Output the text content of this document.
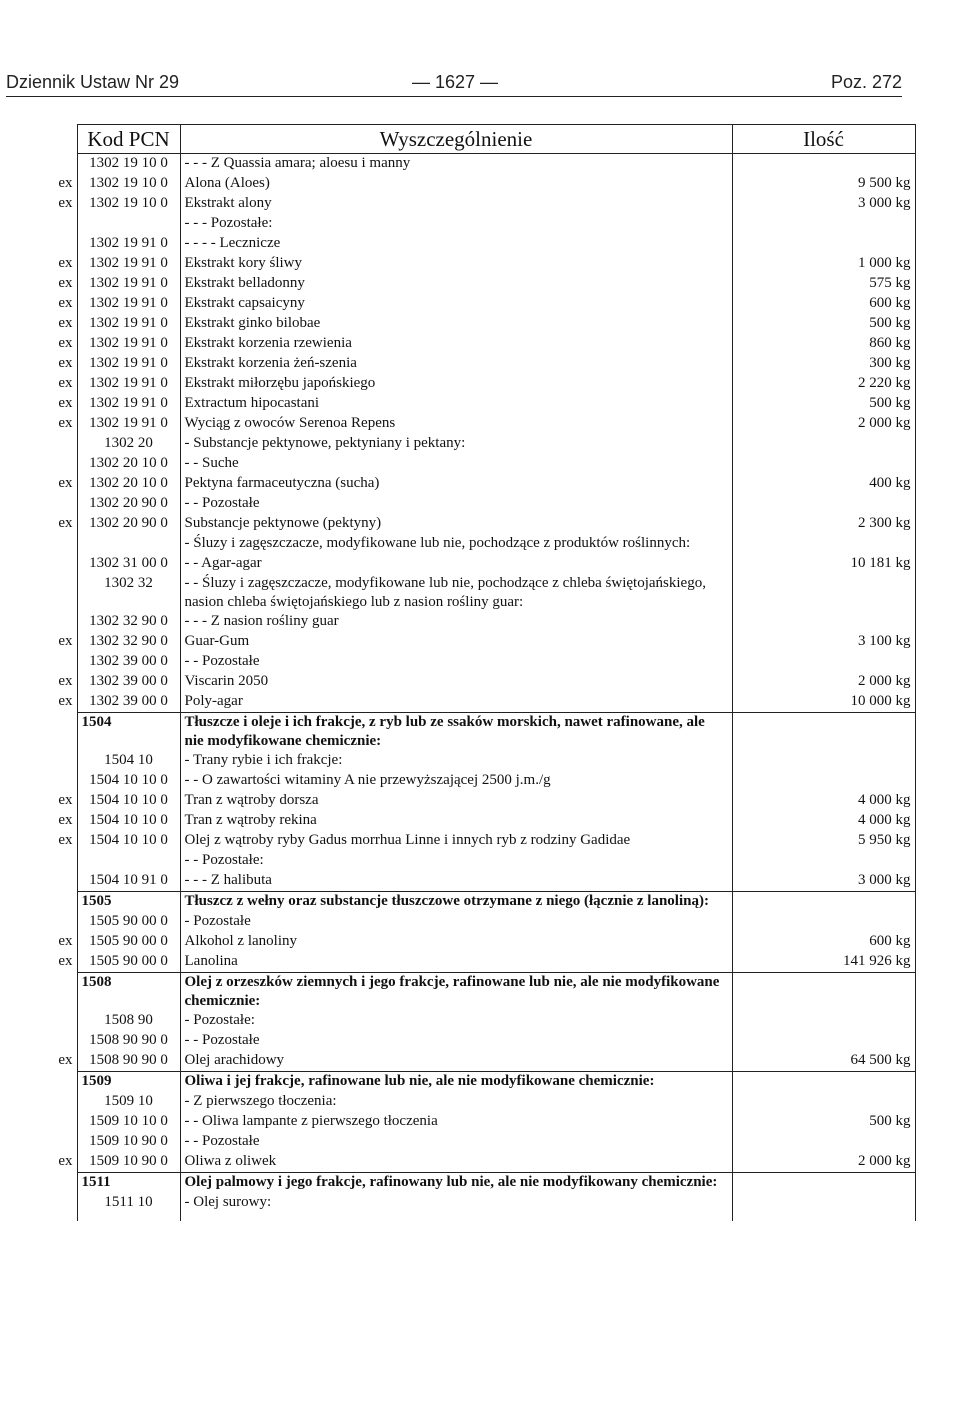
Dziennik Ustaw Nr 29	— 1627 —	Poz. 272
	Kod PCN	Wyszczególnienie	Ilość
	1302 19 10 0	- - - Z Quassia amara; aloesu i manny	
ex	1302 19 10 0	Alona (Aloes)	9 500 kg
ex	1302 19 10 0	Ekstrakt alony	3 000 kg
		- - - Pozostałe:	
	1302 19 91 0	- - - - Lecznicze	
ex	1302 19 91 0	Ekstrakt kory śliwy	1 000 kg
ex	1302 19 91 0	Ekstrakt belladonny	575 kg
ex	1302 19 91 0	Ekstrakt capsaicyny	600 kg
ex	1302 19 91 0	Ekstrakt ginko bilobae	500 kg
ex	1302 19 91 0	Ekstrakt korzenia rzewienia	860 kg
ex	1302 19 91 0	Ekstrakt korzenia żeń-szenia	300 kg
ex	1302 19 91 0	Ekstrakt miłorzębu japońskiego	2 220 kg
ex	1302 19 91 0	Extractum hipocastani	500 kg
ex	1302 19 91 0	Wyciąg z owoców Serenoa Repens	2 000 kg
	1302 20	- Substancje pektynowe, pektyniany i pektany:	
	1302 20 10 0	- - Suche	
ex	1302 20 10 0	Pektyna farmaceutyczna (sucha)	400 kg
	1302 20 90 0	- - Pozostałe	
ex	1302 20 90 0	Substancje pektynowe (pektyny)	2 300 kg
		- Śluzy i zagęszczacze, modyfikowane lub nie, pochodzące z produktów roślinnych:	
	1302 31 00 0	- - Agar-agar	10 181 kg
	1302 32	- - Śluzy i zagęszczacze, modyfikowane lub nie, pochodzące z chleba świętojańskiego, nasion chleba świętojańskiego lub z nasion rośliny guar:	
	1302 32 90 0	- - - Z nasion rośliny guar	
ex	1302 32 90 0	Guar-Gum	3 100 kg
	1302 39 00 0	- - Pozostałe	
ex	1302 39 00 0	Viscarin 2050	2 000 kg
ex	1302 39 00 0	Poly-agar	10 000 kg
	1504	Tłuszcze i oleje i ich frakcje, z ryb lub ze ssaków morskich, nawet rafinowane, ale nie modyfikowane chemicznie:	
	1504 10	- Trany rybie i ich frakcje:	
	1504 10 10 0	- - O zawartości witaminy A nie przewyższającej 2500 j.m./g	
ex	1504 10 10 0	Tran z wątroby dorsza	4 000 kg
ex	1504 10 10 0	Tran z wątroby rekina	4 000 kg
ex	1504 10 10 0	Olej z wątroby ryby Gadus morrhua Linne i innych ryb z rodziny Gadidae	5 950 kg
		- - Pozostałe:	
	1504 10 91 0	- - - Z halibuta	3 000 kg
	1505	Tłuszcz z wełny oraz substancje tłuszczowe otrzymane z niego (łącznie z lanoliną):	
	1505 90 00 0	- Pozostałe	
ex	1505 90 00 0	Alkohol z lanoliny	600 kg
ex	1505 90 00 0	Lanolina	141 926 kg
	1508	Olej z orzeszków ziemnych i jego frakcje, rafinowane lub nie, ale nie modyfikowane chemicznie:	
	1508 90	- Pozostałe:	
	1508 90 90 0	- - Pozostałe	
ex	1508 90 90 0	Olej arachidowy	64 500 kg
	1509	Oliwa i jej frakcje, rafinowane lub nie, ale nie modyfikowane chemicznie:	
	1509 10	- Z pierwszego tłoczenia:	
	1509 10 10 0	- - Oliwa lampante z pierwszego tłoczenia	500 kg
	1509 10 90 0	- - Pozostałe	
ex	1509 10 90 0	Oliwa z oliwek	2 000 kg
	1511	Olej palmowy i jego frakcje, rafinowany lub nie, ale nie modyfikowany chemicznie:	
	1511 10	- Olej surowy:	
